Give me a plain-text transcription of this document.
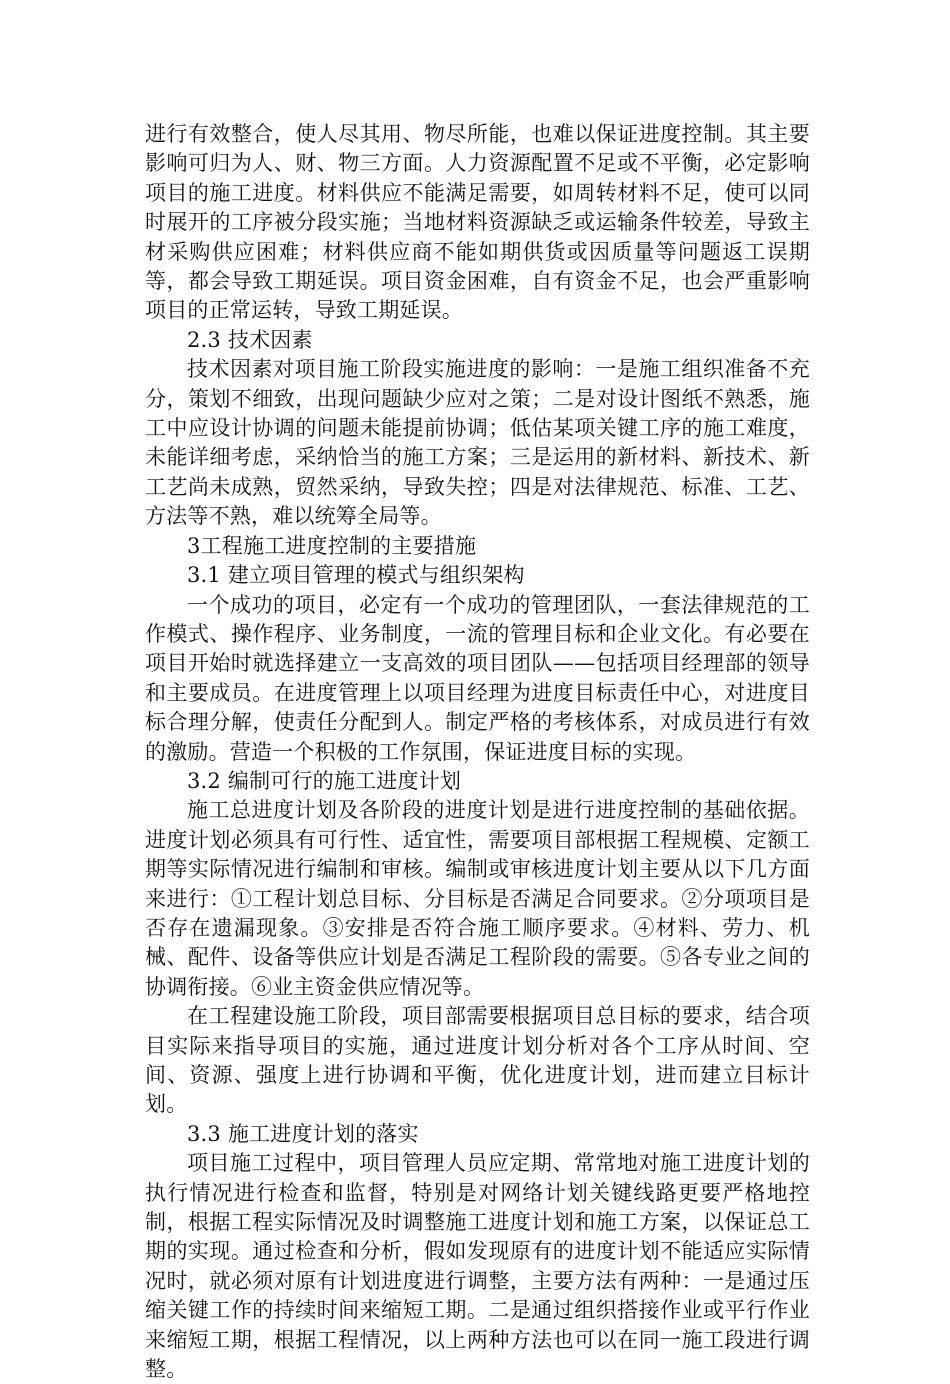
进行有效整合，使人尽其用、物尽所能，也难以保证进度控制。其主要影响可归为人、财、物三方面。人力资源配置不足或不平衡，必定影响项目的施工进度。材料供应不能满足需要，如周转材料不足，使可以同时展开的工序被分段实施；当地材料资源缺乏或运输条件较差，导致主材采购供应困难；材料供应商不能如期供货或因质量等问题返工误期等，都会导致工期延误。项目资金困难，自有资金不足，也会严重影响项目的正常运转，导致工期延误。

2.3 技术因素

技术因素对项目施工阶段实施进度的影响：一是施工组织准备不充分，策划不细致，出现问题缺少应对之策；二是对设计图纸不熟悉，施工中应设计协调的问题未能提前协调；低估某项关键工序的施工难度，未能详细考虑，采纳恰当的施工方案；三是运用的新材料、新技术、新工艺尚未成熟，贸然采纳，导致失控；四是对法律规范、标准、工艺、方法等不熟，难以统筹全局等。

3工程施工进度控制的主要措施

3.1 建立项目管理的模式与组织架构

一个成功的项目，必定有一个成功的管理团队，一套法律规范的工作模式、操作程序、业务制度，一流的管理目标和企业文化。有必要在项目开始时就选择建立一支高效的项目团队——包括项目经理部的领导和主要成员。在进度管理上以项目经理为进度目标责任中心，对进度目标合理分解，使责任分配到人。制定严格的考核体系，对成员进行有效的激励。营造一个积极的工作氛围，保证进度目标的实现。

3.2 编制可行的施工进度计划

施工总进度计划及各阶段的进度计划是进行进度控制的基础依据。进度计划必须具有可行性、适宜性，需要项目部根据工程规模、定额工期等实际情况进行编制和审核。编制或审核进度计划主要从以下几方面来进行：①工程计划总目标、分目标是否满足合同要求。②分项项目是否存在遗漏现象。③安排是否符合施工顺序要求。④材料、劳力、机械、配件、设备等供应计划是否满足工程阶段的需要。⑤各专业之间的协调衔接。⑥业主资金供应情况等。

在工程建设施工阶段，项目部需要根据项目总目标的要求，结合项目实际来指导项目的实施，通过进度计划分析对各个工序从时间、空间、资源、强度上进行协调和平衡，优化进度计划，进而建立目标计划。

3.3 施工进度计划的落实

项目施工过程中，项目管理人员应定期、常常地对施工进度计划的执行情况进行检查和监督，特别是对网络计划关键线路更要严格地控制，根据工程实际情况及时调整施工进度计划和施工方案，以保证总工期的实现。通过检查和分析，假如发现原有的进度计划不能适应实际情况时，就必须对原有计划进度进行调整，主要方法有两种：一是通过压缩关键工作的持续时间来缩短工期。二是通过组织搭接作业或平行作业来缩短工期，根据工程情况，以上两种方法也可以在同一施工段进行调整。
